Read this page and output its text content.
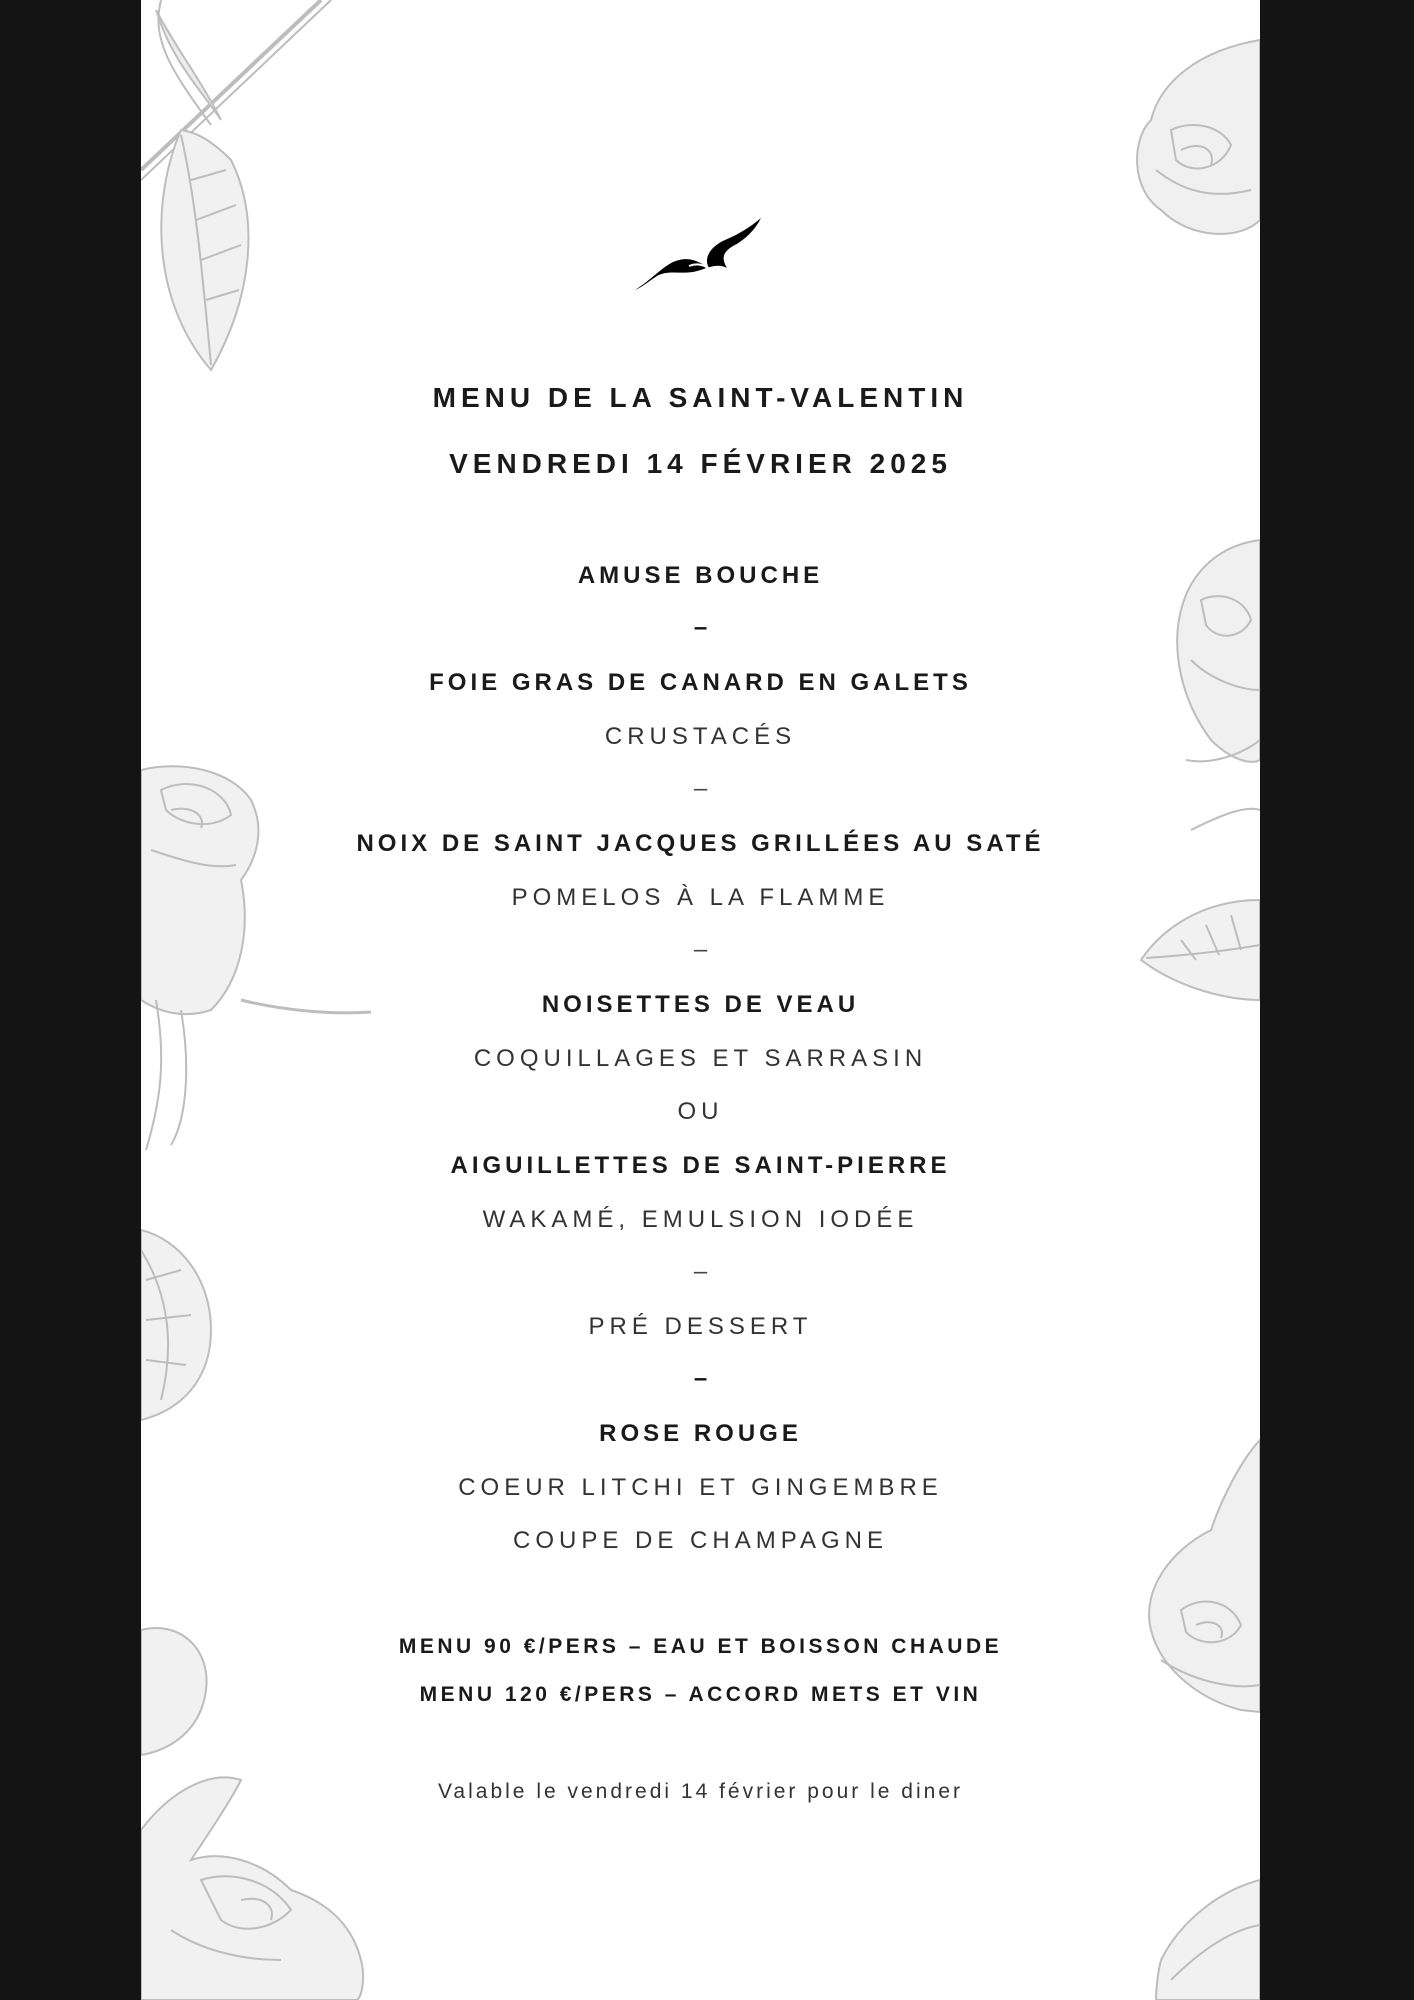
MENU DE LA SAINT-VALENTIN
VENDREDI 14 FÉVRIER 2025
AMUSE BOUCHE
–
FOIE GRAS DE CANARD EN GALETS
CRUSTACÉS
–
NOIX DE SAINT JACQUES GRILLÉES AU SATÉ
POMELOS À LA FLAMME
–
NOISETTES DE VEAU
COQUILLAGES ET SARRASIN
OU
AIGUILLETTES DE SAINT-PIERRE
WAKAMÉ, EMULSION IODÉE
–
PRÉ DESSERT
–
ROSE ROUGE
COEUR LITCHI ET GINGEMBRE
COUPE DE CHAMPAGNE
MENU 90 €/PERS – EAU ET BOISSON CHAUDE
MENU 120 €/PERS – ACCORD METS ET VIN
Valable le vendredi 14 février pour le diner
